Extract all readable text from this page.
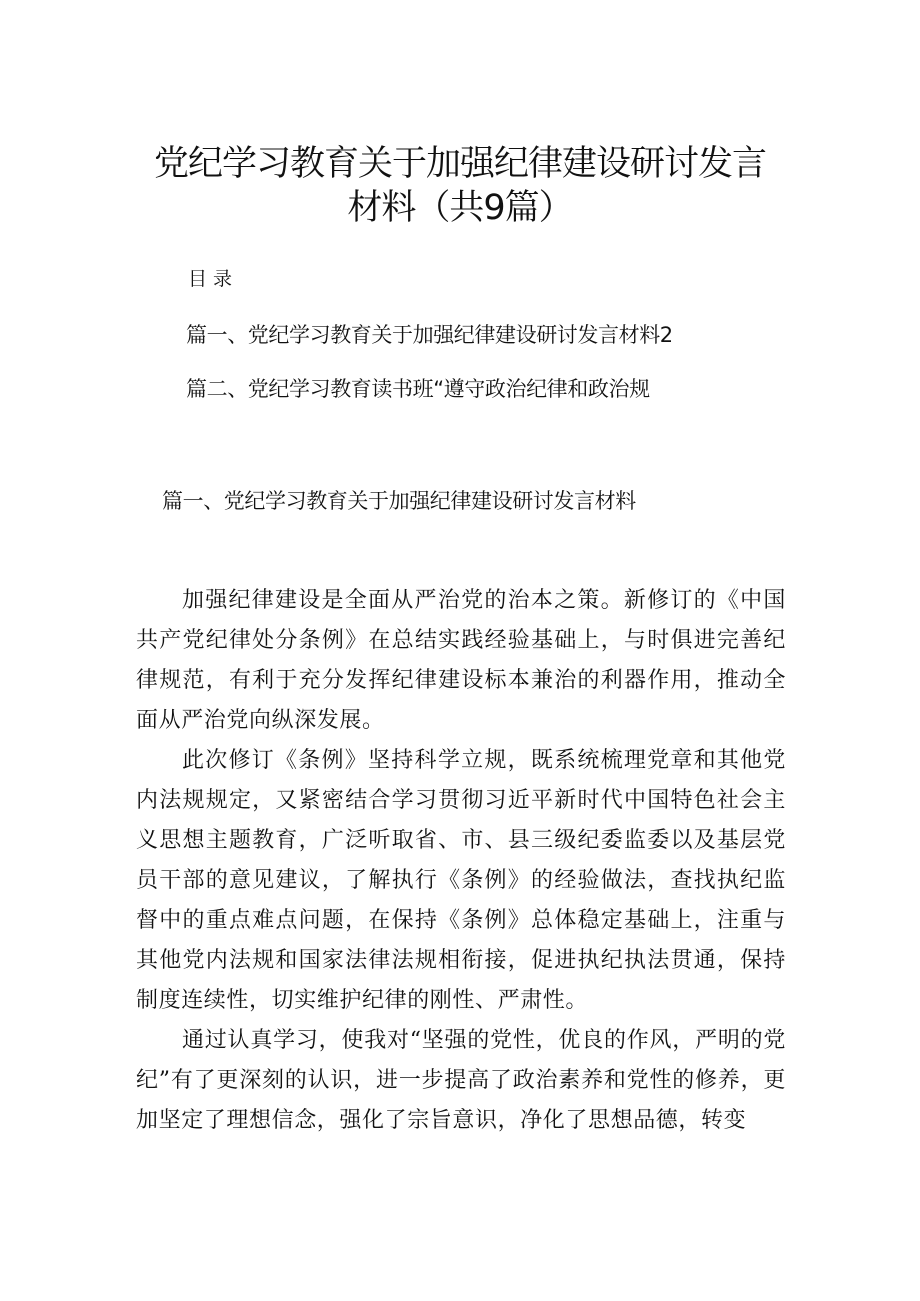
党纪学习教育关于加强纪律建设研讨发言
材料（共9篇）
目录
篇一、党纪学习教育关于加强纪律建设研讨发言材料2
篇二、党纪学习教育读书班“遵守政治纪律和政治规
篇一、党纪学习教育关于加强纪律建设研讨发言材料

加强纪律建设是全面从严治党的治本之策。新修订的《中国共产党纪律处分条例》在总结实践经验基础上，与时俱进完善纪律规范，有利于充分发挥纪律建设标本兼治的利器作用，推动全面从严治党向纵深发展。

此次修订《条例》坚持科学立规，既系统梳理党章和其他党内法规规定，又紧密结合学习贯彻习近平新时代中国特色社会主义思想主题教育，广泛听取省、市、县三级纪委监委以及基层党员干部的意见建议，了解执行《条例》的经验做法，查找执纪监督中的重点难点问题，在保持《条例》总体稳定基础上，注重与其他党内法规和国家法律法规相衔接，促进执纪执法贯通，保持制度连续性，切实维护纪律的刚性、严肃性。

通过认真学习，使我对“坚强的党性，优良的作风，严明的党纪”有了更深刻的认识，进一步提高了政治素养和党性的修养，更加坚定了理想信念，强化了宗旨意识，净化了思想品德，转变
